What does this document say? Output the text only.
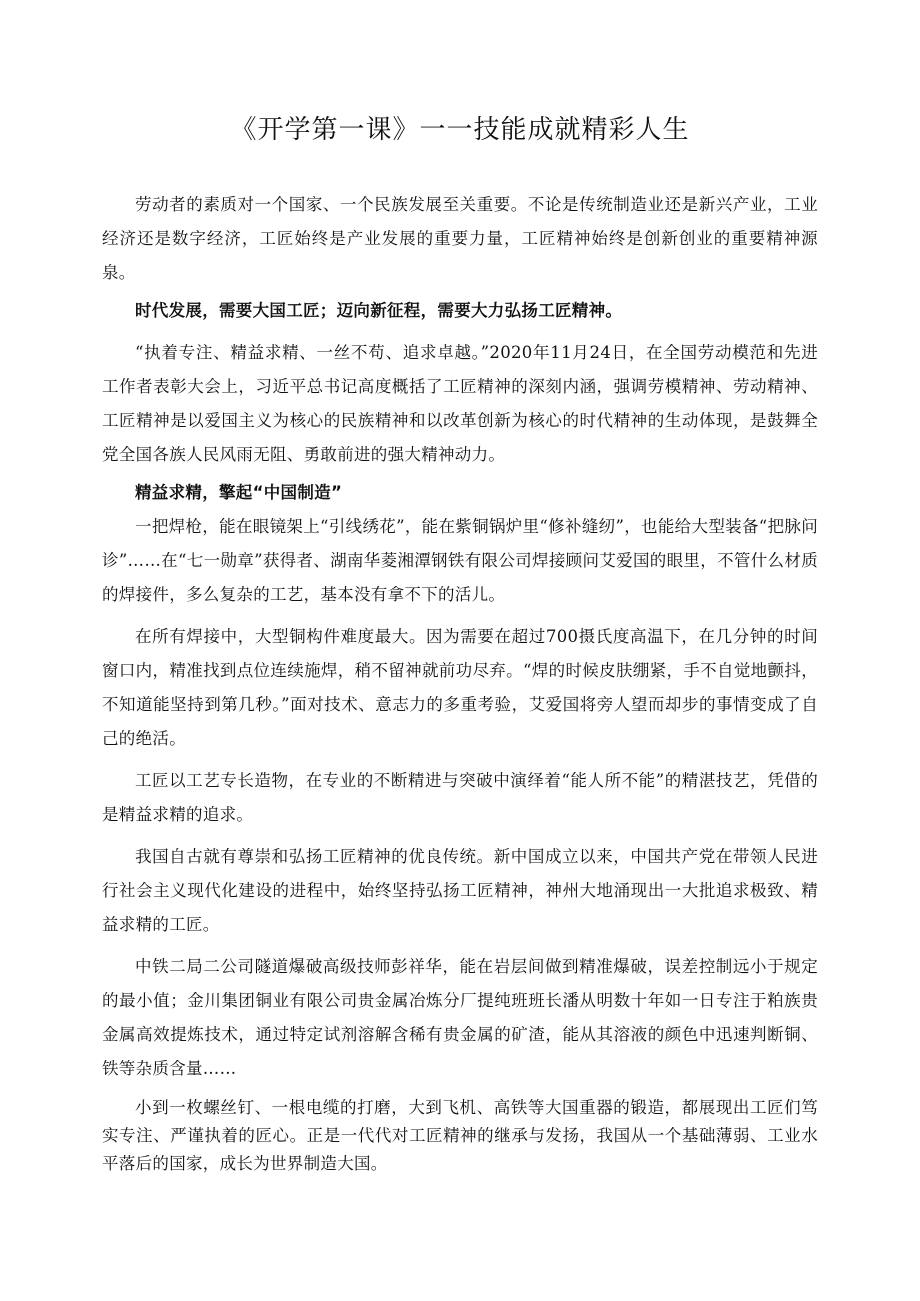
《开学第一课》一一技能成就精彩人生

劳动者的素质对一个国家、一个民族发展至关重要。不论是传统制造业还是新兴产业，工业经济还是数字经济，工匠始终是产业发展的重要力量，工匠精神始终是创新创业的重要精神源泉。

时代发展，需要大国工匠；迈向新征程，需要大力弘扬工匠精神。

“执着专注、精益求精、一丝不苟、追求卓越。”2020年11月24日，在全国劳动模范和先进工作者表彰大会上，习近平总书记高度概括了工匠精神的深刻内涵，强调劳模精神、劳动精神、工匠精神是以爱国主义为核心的民族精神和以改革创新为核心的时代精神的生动体现，是鼓舞全党全国各族人民风雨无阻、勇敢前进的强大精神动力。

精益求精，擎起“中国制造”

一把焊枪，能在眼镜架上“引线绣花”，能在紫铜锅炉里“修补缝纫”，也能给大型装备“把脉问诊”……在“七一勋章”获得者、湖南华菱湘潭钢铁有限公司焊接顾问艾爱国的眼里，不管什么材质的焊接件，多么复杂的工艺，基本没有拿不下的活儿。

在所有焊接中，大型铜构件难度最大。因为需要在超过700摄氏度高温下，在几分钟的时间窗口内，精准找到点位连续施焊，稍不留神就前功尽弃。“焊的时候皮肤绷紧，手不自觉地颤抖，不知道能坚持到第几秒。”面对技术、意志力的多重考验，艾爱国将旁人望而却步的事情变成了自己的绝活。

工匠以工艺专长造物，在专业的不断精进与突破中演绎着“能人所不能”的精湛技艺，凭借的是精益求精的追求。

我国自古就有尊崇和弘扬工匠精神的优良传统。新中国成立以来，中国共产党在带领人民进行社会主义现代化建设的进程中，始终坚持弘扬工匠精神，神州大地涌现出一大批追求极致、精益求精的工匠。

中铁二局二公司隧道爆破高级技师彭祥华，能在岩层间做到精准爆破，误差控制远小于规定的最小值；金川集团铜业有限公司贵金属冶炼分厂提纯班班长潘从明数十年如一日专注于粕族贵金属高效提炼技术，通过特定试剂溶解含稀有贵金属的矿渣，能从其溶液的颜色中迅速判断铜、铁等杂质含量……

小到一枚螺丝钉、一根电缆的打磨，大到飞机、高铁等大国重器的锻造，都展现出工匠们笃实专注、严谨执着的匠心。正是一代代对工匠精神的继承与发扬，我国从一个基础薄弱、工业水平落后的国家，成长为世界制造大国。
